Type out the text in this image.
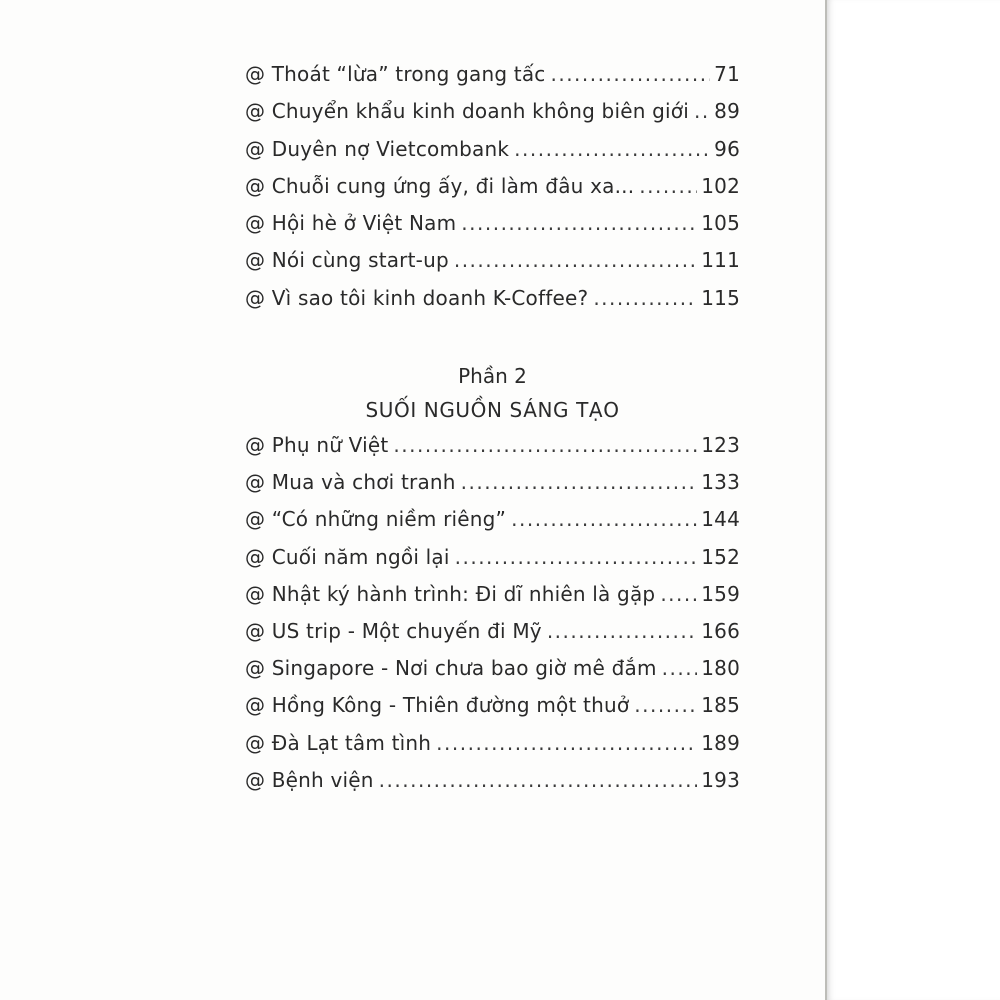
@ Thoát “lừa” trong gang tấc .....	71
@ Chuyển khẩu kinh doanh không biên giới ..... 89
@ Duyên nợ Vietcombank .....	96
@ Chuỗi cung ứng ấy, đi làm đâu xa... .....	102
@ Hội hè ở Việt Nam .....	105
@ Nói cùng start-up .....	111
@ Vì sao tôi kinh doanh K-Coffee? .....	115
Phần 2
SUỐI NGUỒN SÁNG TẠO
@ Phụ nữ Việt .....	123
@ Mua và chơi tranh .....	133
@ “Có những niềm riêng” .....	144
@ Cuối năm ngồi lại .....	152
@ Nhật ký hành trình: Đi dĩ nhiên là gặp ..... 159
@ US trip - Một chuyến đi Mỹ .....	166
@ Singapore - Nơi chưa bao giờ mê đắm ..... 180
@ Hồng Kông - Thiên đường một thuở .....	185
@ Đà Lạt tâm tình .....	189
@ Bệnh viện .....	193
